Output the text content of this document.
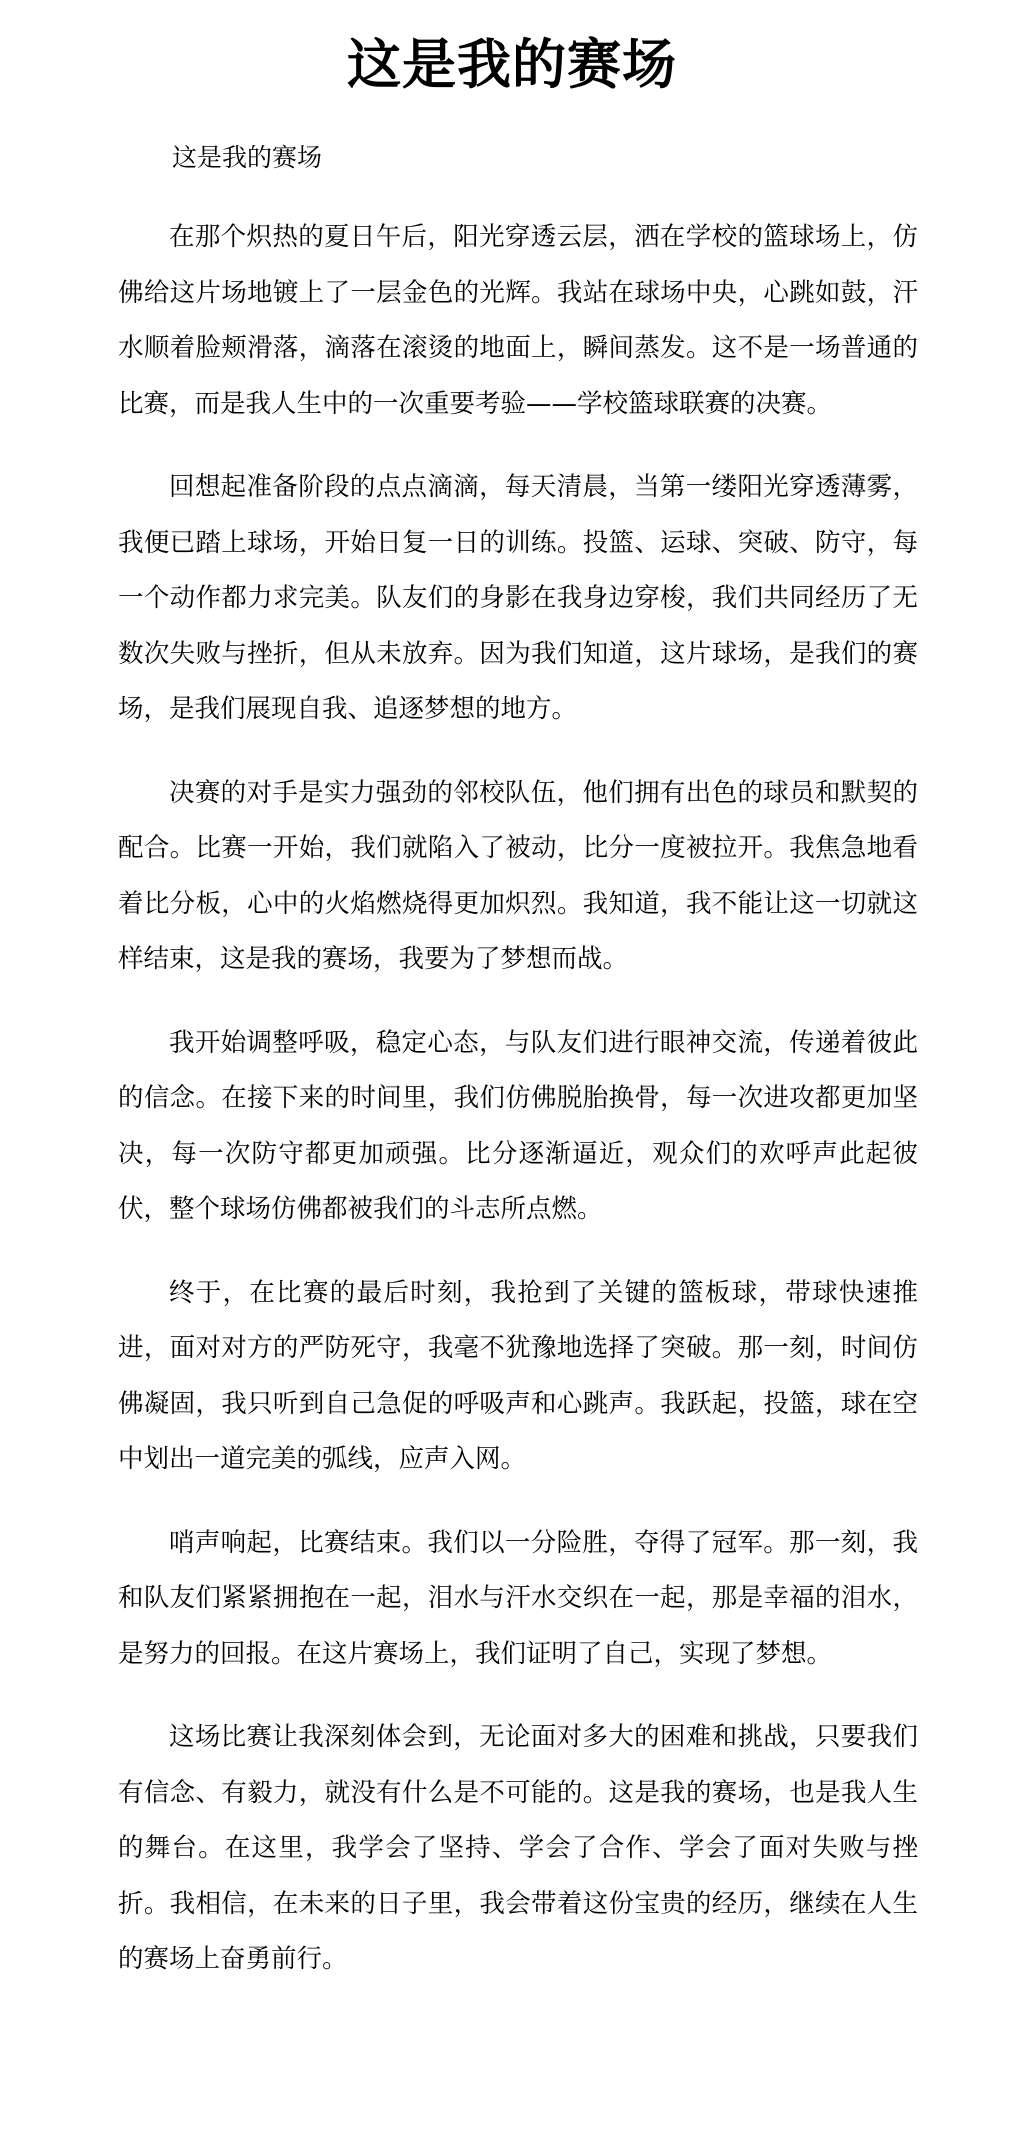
这是我的赛场

这是我的赛场

在那个炽热的夏日午后，阳光穿透云层，洒在学校的篮球场上，仿佛给这片场地镀上了一层金色的光辉。我站在球场中央，心跳如鼓，汗水顺着脸颊滑落，滴落在滚烫的地面上，瞬间蒸发。这不是一场普通的比赛，而是我人生中的一次重要考验——学校篮球联赛的决赛。

回想起准备阶段的点点滴滴，每天清晨，当第一缕阳光穿透薄雾，我便已踏上球场，开始日复一日的训练。投篮、运球、突破、防守，每一个动作都力求完美。队友们的身影在我身边穿梭，我们共同经历了无数次失败与挫折，但从未放弃。因为我们知道，这片球场，是我们的赛场，是我们展现自我、追逐梦想的地方。

决赛的对手是实力强劲的邻校队伍，他们拥有出色的球员和默契的配合。比赛一开始，我们就陷入了被动，比分一度被拉开。我焦急地看着比分板，心中的火焰燃烧得更加炽烈。我知道，我不能让这一切就这样结束，这是我的赛场，我要为了梦想而战。

我开始调整呼吸，稳定心态，与队友们进行眼神交流，传递着彼此的信念。在接下来的时间里，我们仿佛脱胎换骨，每一次进攻都更加坚决，每一次防守都更加顽强。比分逐渐逼近，观众们的欢呼声此起彼伏，整个球场仿佛都被我们的斗志所点燃。

终于，在比赛的最后时刻，我抢到了关键的篮板球，带球快速推进，面对对方的严防死守，我毫不犹豫地选择了突破。那一刻，时间仿佛凝固，我只听到自己急促的呼吸声和心跳声。我跃起，投篮，球在空中划出一道完美的弧线，应声入网。

哨声响起，比赛结束。我们以一分险胜，夺得了冠军。那一刻，我和队友们紧紧拥抱在一起，泪水与汗水交织在一起，那是幸福的泪水，是努力的回报。在这片赛场上，我们证明了自己，实现了梦想。

这场比赛让我深刻体会到，无论面对多大的困难和挑战，只要我们有信念、有毅力，就没有什么是不可能的。这是我的赛场，也是我人生的舞台。在这里，我学会了坚持、学会了合作、学会了面对失败与挫折。我相信，在未来的日子里，我会带着这份宝贵的经历，继续在人生的赛场上奋勇前行。
